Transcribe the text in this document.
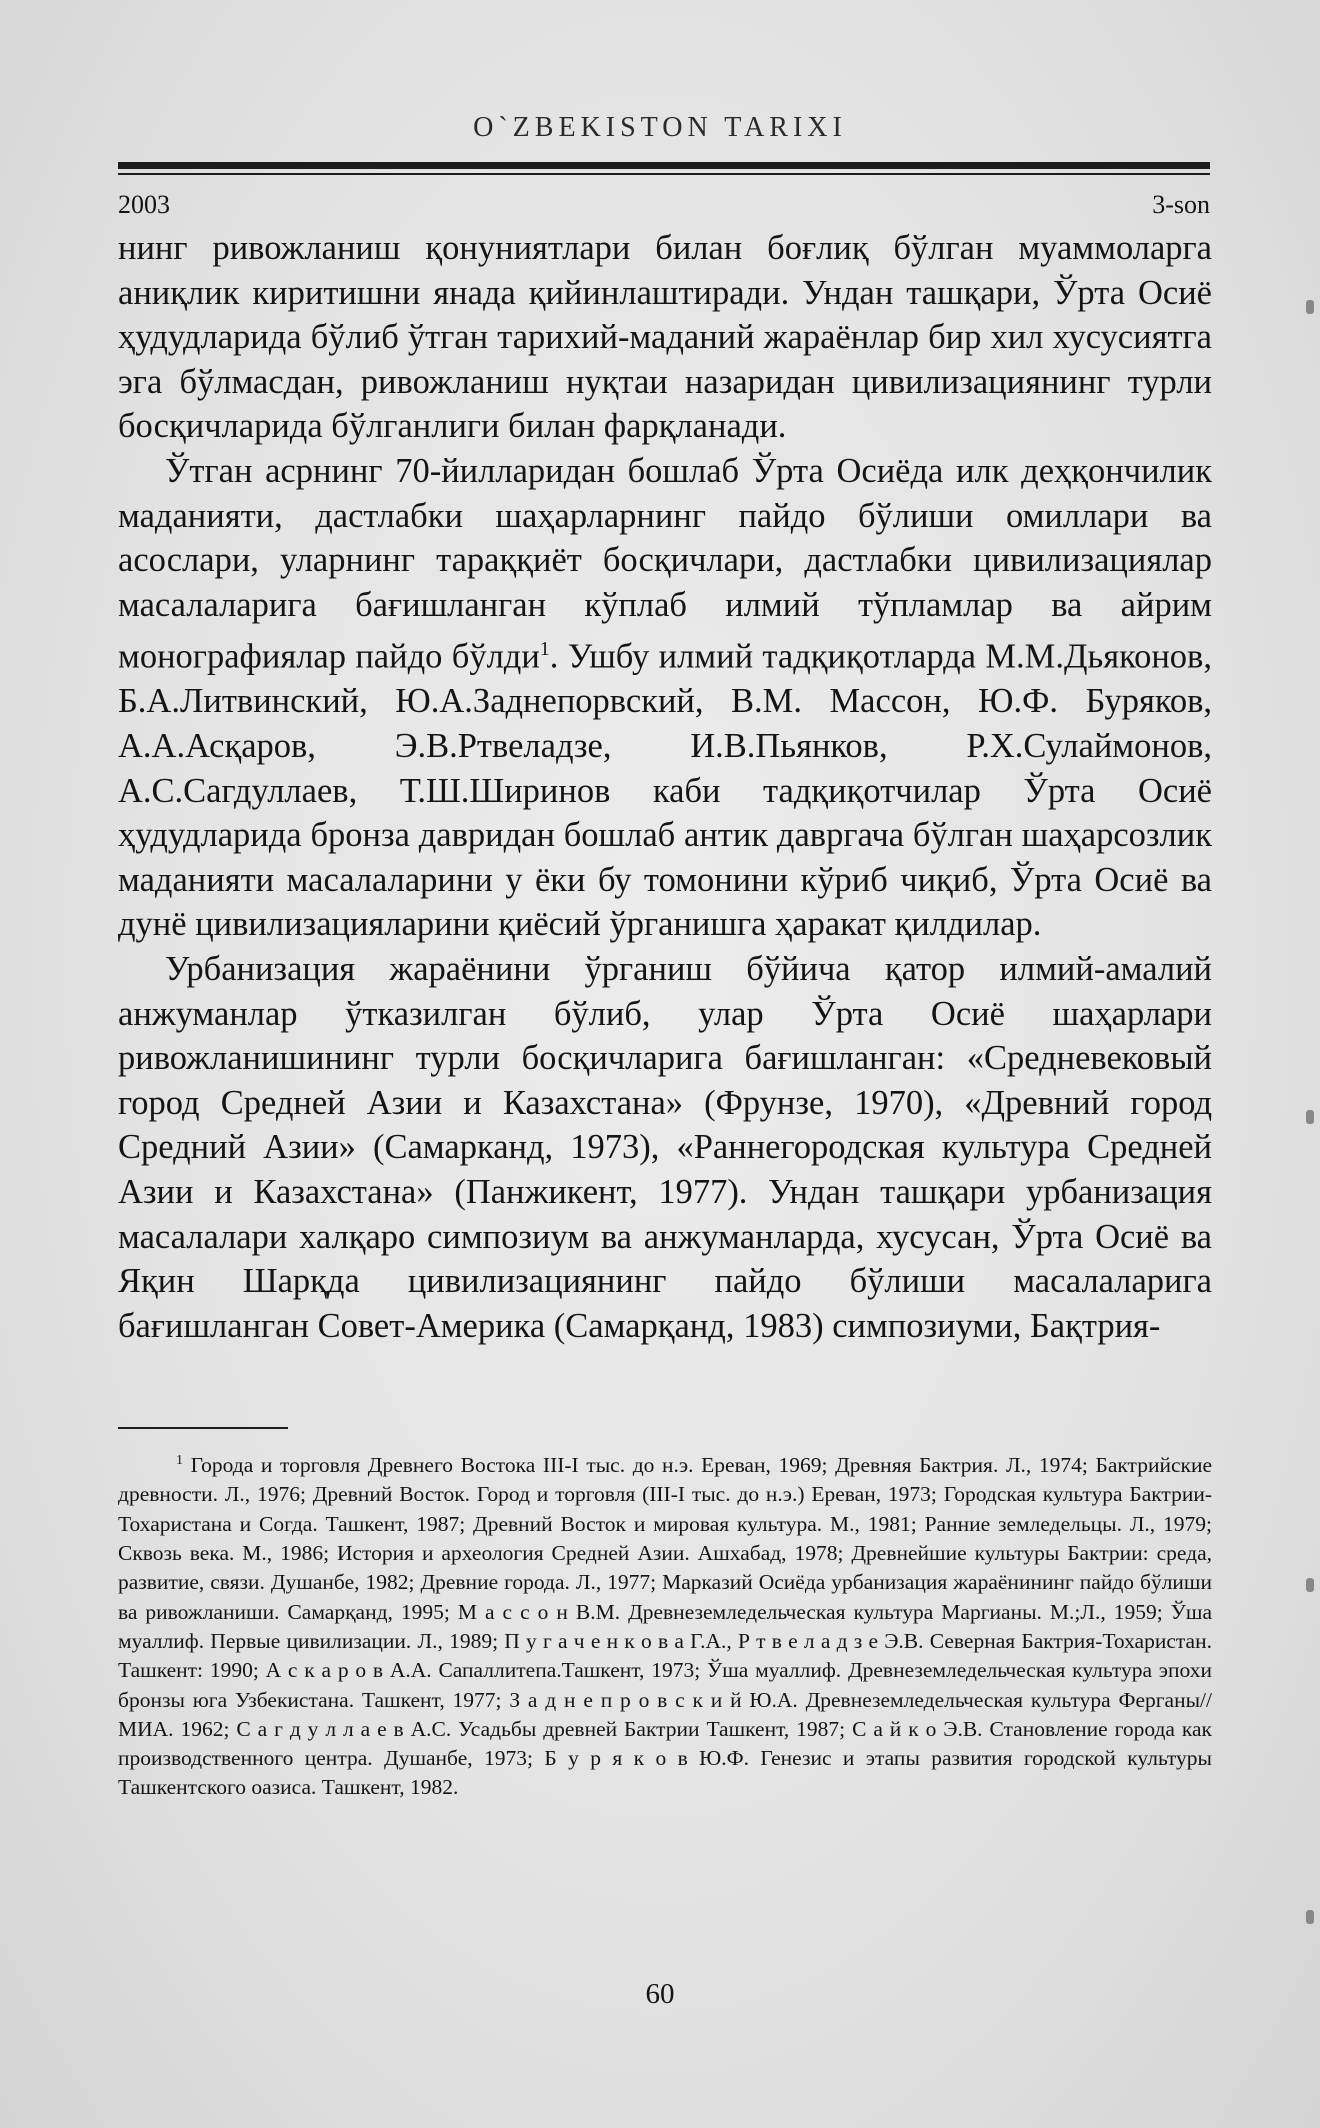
O`ZBEKISTON TARIXI
2003	3-son

нинг ривожланиш қонуниятлари билан боғлиқ бўлган муаммоларга аниқлик киритишни янада қийинлаштиради. Ундан ташқари, Ўрта Осиё ҳудудларида бўлиб ўтган тарихий-маданий жараёнлар бир хил хусусиятга эга бўлмасдан, ривожланиш нуқтаи назаридан цивилизациянинг турли босқичларида бўлганлиги билан фарқланади.

Ўтган асрнинг 70-йилларидан бошлаб Ўрта Осиёда илк деҳқончилик маданияти, дастлабки шаҳарларнинг пайдо бўлиши омиллари ва асослари, уларнинг тараққиёт босқичлари, дастлабки цивилизациялар масалаларига бағишланган кўплаб илмий тўпламлар ва айрим монографиялар пайдо бўлди$^1$. Ушбу илмий тадқиқотларда М.М.Дьяконов, Б.А.Литвинский, Ю.А.Заднепорвский, В.М. Массон, Ю.Ф. Буряков, А.А.Асқаров, Э.В.Ртвеладзе, И.В.Пьянков, Р.Х.Сулаймонов, А.С.Сагдуллаев, Т.Ш.Ширинов каби тадқиқотчилар Ўрта Осиё ҳудудларида бронза давридан бошлаб антик давргача бўлган шаҳарсозлик маданияти масалаларини у ёки бу томонини кўриб чиқиб, Ўрта Осиё ва дунё цивилизацияларини қиёсий ўрганишга ҳаракат қилдилар.

Урбанизация жараёнини ўрганиш бўйича қатор илмий-амалий анжуманлар ўтказилган бўлиб, улар Ўрта Осиё шаҳарлари ривожланишининг турли босқичларига бағишланган: «Средневековый город Средней Азии и Казахстана» (Фрунзе, 1970), «Древний город Средний Азии» (Самарканд, 1973), «Раннегородская культура Средней Азии и Казахстана» (Панжикент, 1977). Ундан ташқари урбанизация масалалари халқаро симпозиум ва анжуманларда, хусусан, Ўрта Осиё ва Яқин Шарқда цивилизациянинг пайдо бўлиши масалаларига бағишланган Совет-Америка (Самарқанд, 1983) симпозиуми, Бақтрия-

$^1$ Города и торговля Древнего Востока III-I тыс. до н.э. Ереван, 1969; Древняя Бактрия. Л., 1974; Бактрийские древности. Л., 1976; Древний Восток. Город и торговля (III-I тыс. до н.э.) Ереван, 1973; Городская культура Бактрии-Тохаристана и Согда. Ташкент, 1987; Древний Восток и мировая культура. М., 1981; Ранние земледельцы. Л., 1979; Сквозь века. М., 1986; История и археология Средней Азии. Ашхабад, 1978; Древнейшие культуры Бактрии: среда, развитие, связи. Душанбе, 1982; Древние города. Л., 1977; Марказий Осиёда урбанизация жараёнининг пайдо бўлиши ва ривожланиши. Самарқанд, 1995; М а с с о н В.М. Древнеземледельческая культура Маргианы. М.;Л., 1959; Ўша муаллиф. Первые цивилизации. Л., 1989; П у г а ч е н к о в а Г.А., Р т в е л а д з е Э.В. Северная Бактрия-Тохаристан. Ташкент: 1990; А с к а р о в А.А. Сапаллитепа.Ташкент, 1973; Ўша муаллиф. Древнеземледельческая культура эпохи бронзы юга Узбекистана. Ташкент, 1977; З а д н е п р о в с к и й Ю.А. Древнеземледельческая культура Ферганы// МИА. 1962; С а г д у л л а е в А.С. Усадьбы древней Бактрии Ташкент, 1987; С а й к о Э.В. Становление города как производственного центра. Душанбе, 1973; Б у р я к о в Ю.Ф. Генезис и этапы развития городской культуры Ташкентского оазиса. Ташкент, 1982.

60
